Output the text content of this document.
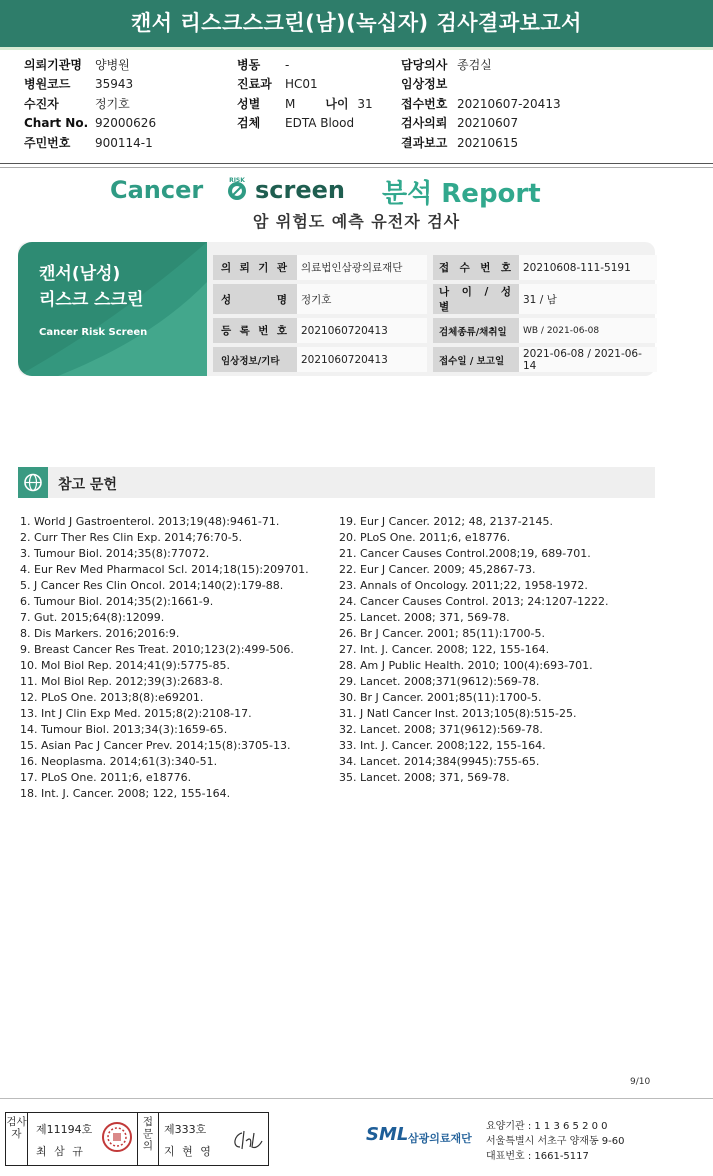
캔서 리스크스크린(남)(녹십자) 검사결과보고서
의뢰기관명 양병원
병원코드 35943
수진자	정기호
Chart No. 92000626
주민번호 900114-1
병동 -
진료과 HC01
성별 M	나이 31
검체 EDTA Blood
담당의사 종검실
임상정보
접수번호 20210607-20413
검사의뢰 20210607
결과보고 20210615
Cancer	RISK screen 분석 Report
암 위험도 예측 유전자 검사
캔서(남성)
리스크 스크린
Cancer Risk Screen
의 뢰 기 관	의료법인삼광의료재단		접 수 번 호	20210608-111-5191
성 명	정기호		나 이 / 성 별	31 / 남
등 록 번 호	2021060720413		검체종류/채취일	WB / 2021-06-08
임상정보/기타	2021060720413		접수일 / 보고일	2021-06-08 / 2021-06-14
참고 문헌
1. World J Gastroenterol. 2013;19(48):9461-71.
2. Curr Ther Res Clin Exp. 2014;76:70-5.
3. Tumour Biol. 2014;35(8):77072.
4. Eur Rev Med Pharmacol Scl. 2014;18(15):209701.
5. J Cancer Res Clin Oncol. 2014;140(2):179-88.
6. Tumour Biol. 2014;35(2):1661-9.
7. Gut. 2015;64(8):12099.
8. Dis Markers. 2016;2016:9.
9. Breast Cancer Res Treat. 2010;123(2):499-506.
10. Mol Biol Rep. 2014;41(9):5775-85.
11. Mol Biol Rep. 2012;39(3):2683-8.
12. PLoS One. 2013;8(8):e69201.
13. Int J Clin Exp Med. 2015;8(2):2108-17.
14. Tumour Biol. 2013;34(3):1659-65.
15. Asian Pac J Cancer Prev. 2014;15(8):3705-13.
16. Neoplasma. 2014;61(3):340-51.
17. PLoS One. 2011;6, e18776.
18. Int. J. Cancer. 2008; 122, 155-164.
19. Eur J Cancer. 2012; 48, 2137-2145.
20. PLoS One. 2011;6, e18776.
21. Cancer Causes Control.2008;19, 689-701.
22. Eur J Cancer. 2009; 45,2867-73.
23. Annals of Oncology. 2011;22, 1958-1972.
24. Cancer Causes Control. 2013; 24:1207-1222.
25. Lancet. 2008; 371, 569-78.
26. Br J Cancer. 2001; 85(11):1700-5.
27. Int. J. Cancer. 2008; 122, 155-164.
28. Am J Public Health. 2010; 100(4):693-701.
29. Lancet. 2008;371(9612):569-78.
30. Br J Cancer. 2001;85(11):1700-5.
31. J Natl Cancer Inst. 2013;105(8):515-25.
32. Lancet. 2008; 371(9612):569-78.
33. Int. J. Cancer. 2008;122, 155-164.
34. Lancet. 2014;384(9945):755-65.
35. Lancet. 2008; 371, 569-78.
9/10
검사자	제11194호
최 삼 규
접문의
제333호
지 현 영
SML 삼광의료재단
요양기관 : 1 1 3 6 5 2 0 0
서울특별시 서초구 양재동 9-60
대표번호 : 1661-5117
